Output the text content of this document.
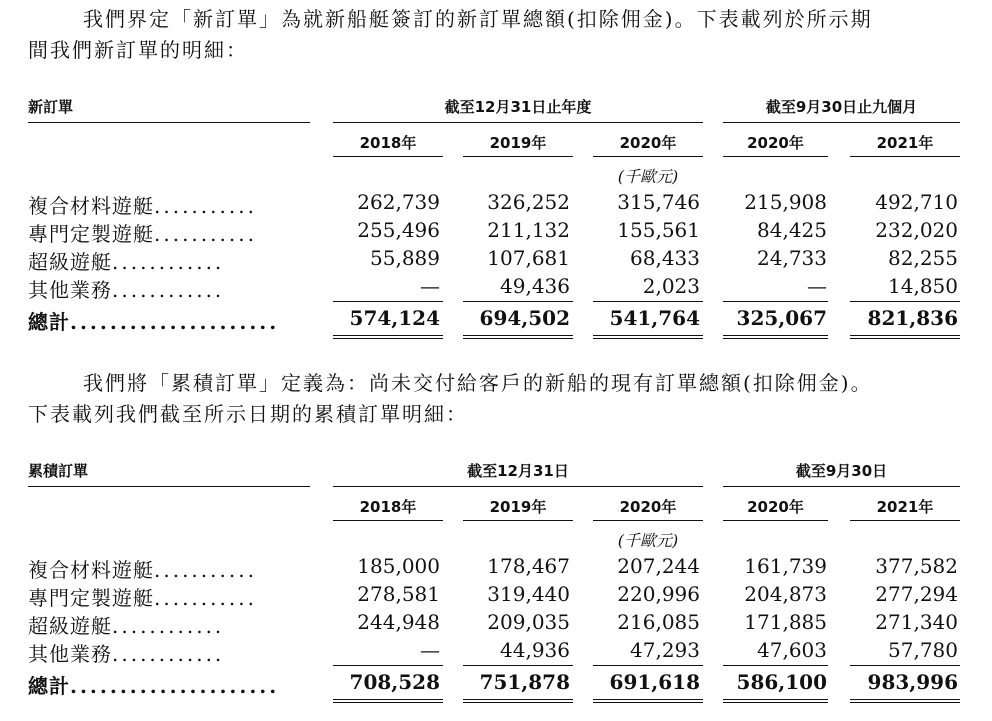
我們界定「新訂單」為就新船艇簽訂的新訂單總額(扣除佣金)。下表載列於所示期
間我們新訂單的明細：
新訂單	截至12月31日止年度	截至9月30日止九個月
2018年	2019年	2020年	2020年	2021年
(千歐元)
複合材料遊艇...........	262,739	326,252	315,746	215,908	492,710
專門定製遊艇...........	255,496	211,132	155,561	84,425	232,020
超級遊艇............	55,889	107,681	68,433	24,733	82,255
其他業務............	—	49,436	2,023	—	14,850
總計.....................	574,124	694,502	541,764	325,067	821,836
我們將「累積訂單」定義為：尚未交付給客戶的新船的現有訂單總額(扣除佣金)。
下表載列我們截至所示日期的累積訂單明細：
累積訂單	截至12月31日	截至9月30日
2018年	2019年	2020年	2020年	2021年
(千歐元)
複合材料遊艇...........	185,000	178,467	207,244	161,739	377,582
專門定製遊艇...........	278,581	319,440	220,996	204,873	277,294
超級遊艇............	244,948	209,035	216,085	171,885	271,340
其他業務............	—	44,936	47,293	47,603	57,780
總計.....................	708,528	751,878	691,618	586,100	983,996
